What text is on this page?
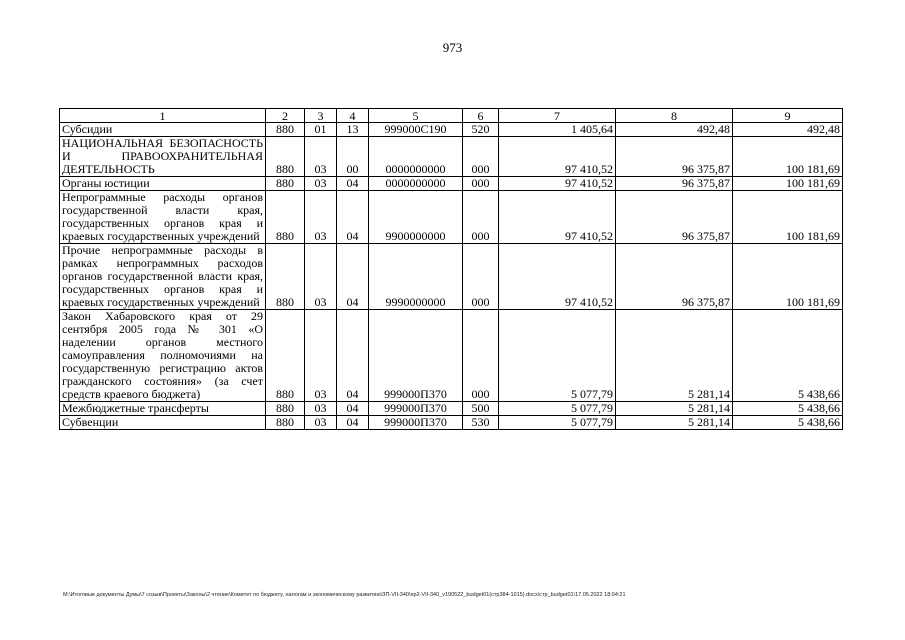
973
1	2	3	4	5	6	7	8	9
Субсидии	880	01	13	999000С190	520	1 405,64	492,48	492,48
НАЦИОНАЛЬНАЯ БЕЗОПАСНОСТЬ И ПРАВООХРАНИТЕЛЬНАЯ ДЕЯТЕЛЬНОСТЬ	880	03	00	0000000000	000	97 410,52	96 375,87	100 181,69
Органы юстиции	880	03	04	0000000000	000	97 410,52	96 375,87	100 181,69
Непрограммные расходы органов государственной власти края, государственных органов края и краевых государственных учреждений	880	03	04	9900000000	000	97 410,52	96 375,87	100 181,69
Прочие непрограммные расходы в рамках непрограммных расходов органов государственной власти края, государственных органов края и краевых государственных учреждений	880	03	04	9990000000	000	97 410,52	96 375,87	100 181,69
Закон Хабаровского края от 29 сентября 2005 года № 301 «О наделении органов местного самоуправления полномочиями на государственную регистрацию актов гражданского состояния» (за счет средств краевого бюджета)	880	03	04	999000П370	000	5 077,79	5 281,14	5 438,66
Межбюджетные трансферты	880	03	04	999000П370	500	5 077,79	5 281,14	5 438,66
Субвенции	880	03	04	999000П370	530	5 077,79	5 281,14	5 438,66
M:\Итоговые документы Думы\7 созыв\Проекты\Законы\2 чтение\Комитет по бюджету, налогам и экономическому развитию\ЗП-VII-340\пр2-VII-340_v190522_budget01(стр384-1015).docx\стр_budget01\17.05.2022 18:04:21
